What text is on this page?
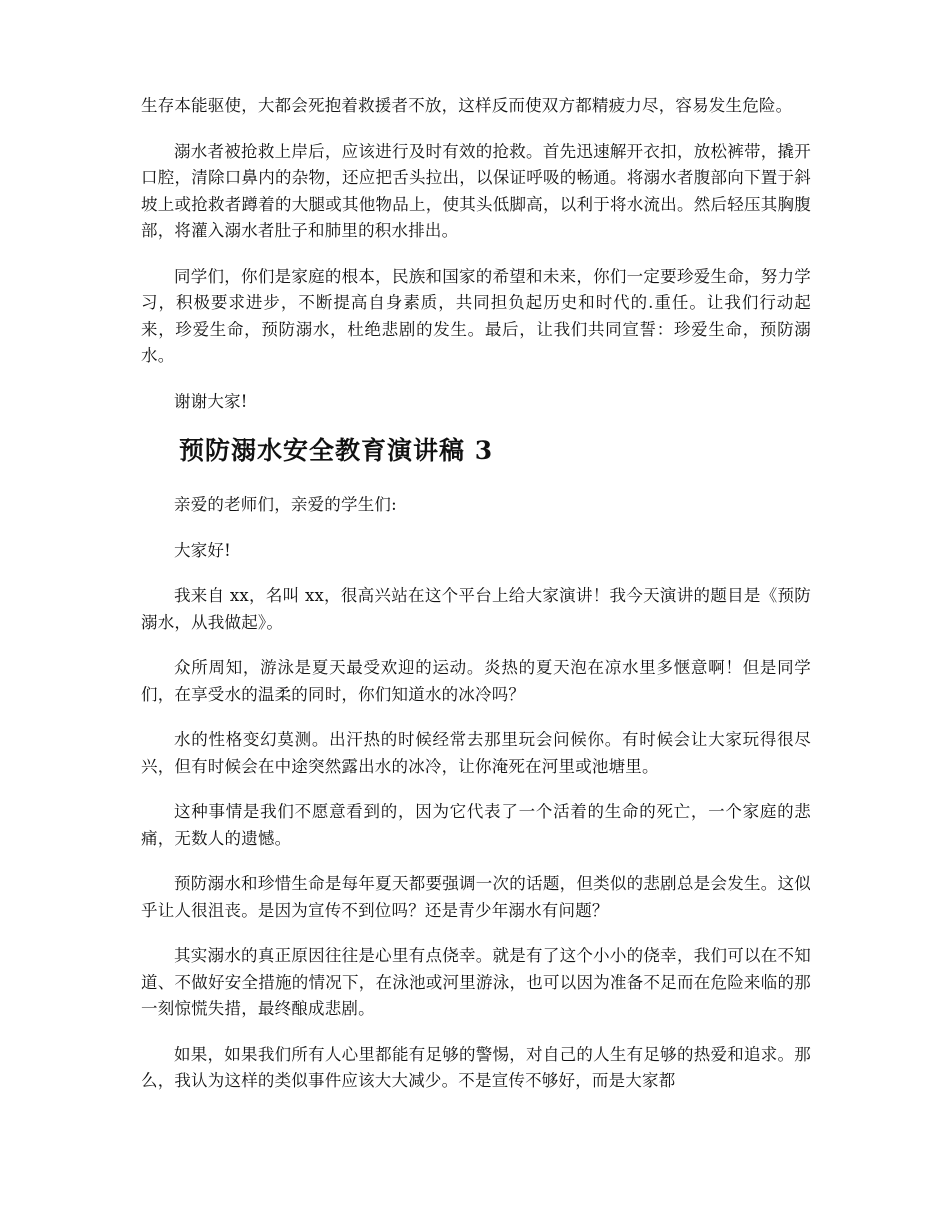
生存本能驱使，大都会死抱着救援者不放，这样反而使双方都精疲力尽，容易发生危险。

溺水者被抢救上岸后，应该进行及时有效的抢救。首先迅速解开衣扣，放松裤带，撬开口腔，清除口鼻内的杂物，还应把舌头拉出，以保证呼吸的畅通。将溺水者腹部向下置于斜坡上或抢救者蹲着的大腿或其他物品上，使其头低脚高，以利于将水流出。然后轻压其胸腹部，将灌入溺水者肚子和肺里的积水排出。

同学们，你们是家庭的根本，民族和国家的希望和未来，你们一定要珍爱生命，努力学习，积极要求进步，不断提高自身素质，共同担负起历史和时代的.重任。让我们行动起来，珍爱生命，预防溺水，杜绝悲剧的发生。最后，让我们共同宣誓：珍爱生命，预防溺水。

谢谢大家!

预防溺水安全教育演讲稿 3

亲爱的老师们，亲爱的学生们:

大家好!

我来自 xx，名叫 xx，很高兴站在这个平台上给大家演讲！我今天演讲的题目是《预防溺水，从我做起》。

众所周知，游泳是夏天最受欢迎的运动。炎热的夏天泡在凉水里多惬意啊！但是同学们，在享受水的温柔的同时，你们知道水的冰冷吗？

水的性格变幻莫测。出汗热的时候经常去那里玩会问候你。有时候会让大家玩得很尽兴，但有时候会在中途突然露出水的冰冷，让你淹死在河里或池塘里。

这种事情是我们不愿意看到的，因为它代表了一个活着的生命的死亡，一个家庭的悲痛，无数人的遗憾。

预防溺水和珍惜生命是每年夏天都要强调一次的话题，但类似的悲剧总是会发生。这似乎让人很沮丧。是因为宣传不到位吗？还是青少年溺水有问题？

其实溺水的真正原因往往是心里有点侥幸。就是有了这个小小的侥幸，我们可以在不知道、不做好安全措施的情况下，在泳池或河里游泳，也可以因为准备不足而在危险来临的那一刻惊慌失措，最终酿成悲剧。

如果，如果我们所有人心里都能有足够的警惕，对自己的人生有足够的热爱和追求。那么，我认为这样的类似事件应该大大减少。不是宣传不够好，而是大家都
